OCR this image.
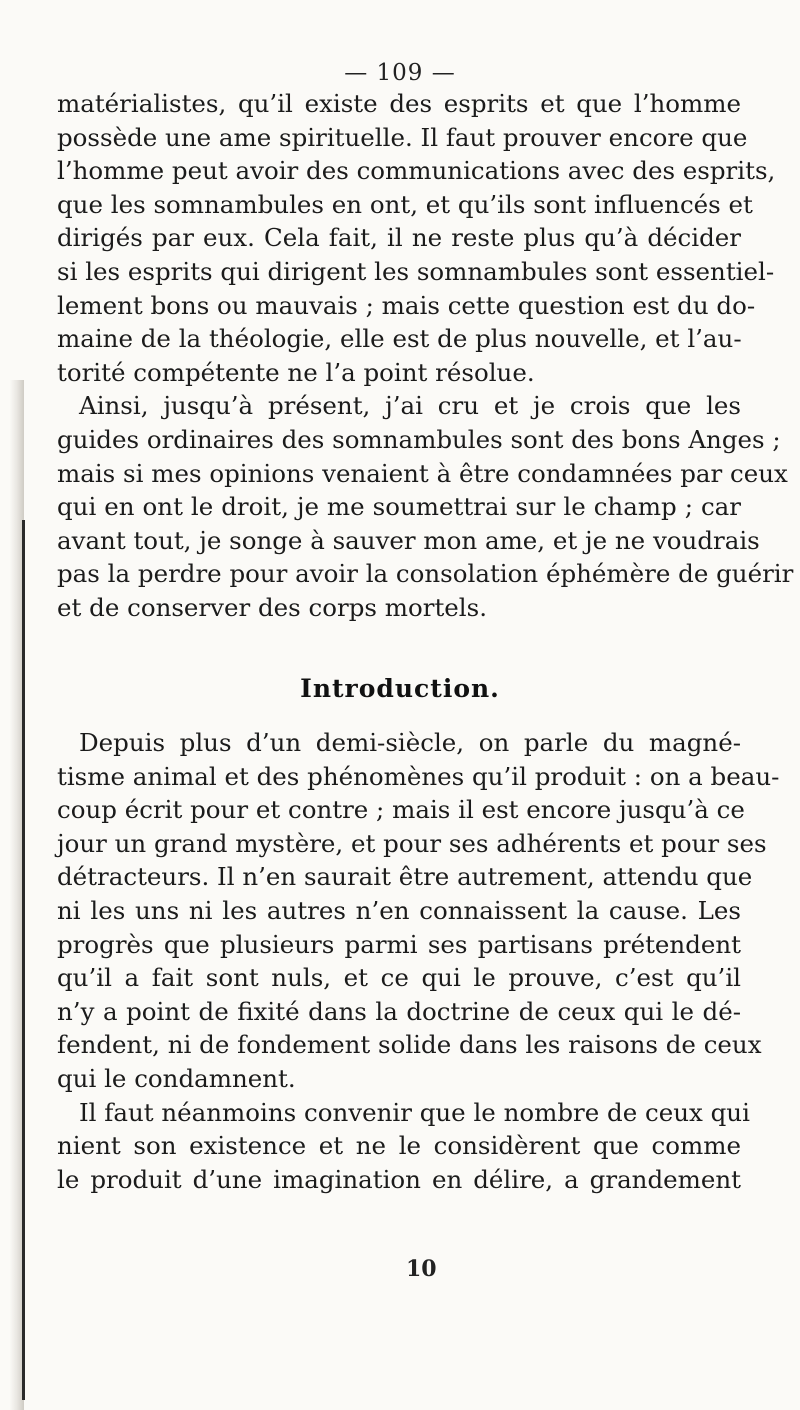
— 109 —

matérialistes, qu’il existe des esprits et que l’homme
possède une ame spirituelle. Il faut prouver encore que
l’homme peut avoir des communications avec des esprits,
que les somnambules en ont, et qu’ils sont influencés et
dirigés par eux. Cela fait, il ne reste plus qu’à décider
si les esprits qui dirigent les somnambules sont essentiel-
lement bons ou mauvais ; mais cette question est du do-
maine de la théologie, elle est de plus nouvelle, et l’au-
torité compétente ne l’a point résolue.

Ainsi, jusqu’à présent, j’ai cru et je crois que les
guides ordinaires des somnambules sont des bons Anges ;
mais si mes opinions venaient à être condamnées par ceux
qui en ont le droit, je me soumettrai sur le champ ; car
avant tout, je songe à sauver mon ame, et je ne voudrais
pas la perdre pour avoir la consolation éphémère de guérir
et de conserver des corps mortels.

Introduction.

Depuis plus d’un demi-siècle, on parle du magné-
tisme animal et des phénomènes qu’il produit : on a beau-
coup écrit pour et contre ; mais il est encore jusqu’à ce
jour un grand mystère, et pour ses adhérents et pour ses
détracteurs. Il n’en saurait être autrement, attendu que
ni les uns ni les autres n’en connaissent la cause. Les
progrès que plusieurs parmi ses partisans prétendent
qu’il a fait sont nuls, et ce qui le prouve, c’est qu’il
n’y a point de fixité dans la doctrine de ceux qui le dé-
fendent, ni de fondement solide dans les raisons de ceux
qui le condamnent.

Il faut néanmoins convenir que le nombre de ceux qui
nient son existence et ne le considèrent que comme
le produit d’une imagination en délire, a grandement

10
